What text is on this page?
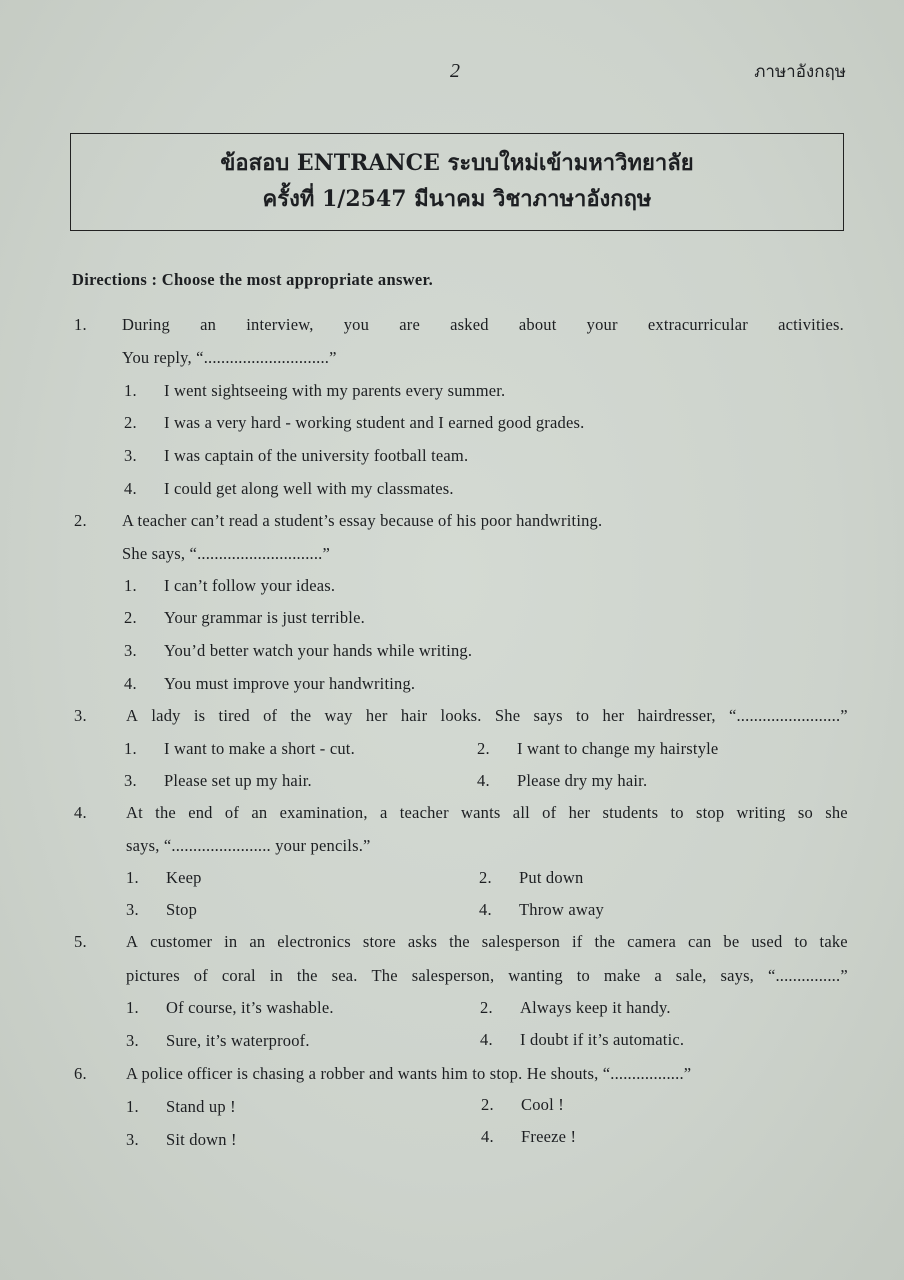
2	ภาษาอังกฤษ
ข้อสอบ ENTRANCE ระบบใหม่เข้ามหาวิทยาลัย
ครั้งที่ 1/2547 มีนาคม วิชาภาษาอังกฤษ
Directions : Choose the most appropriate answer.
1. During an interview, you are asked about your extracurricular activities.
You reply, “.............................”
1. I went sightseeing with my parents every summer.
2. I was a very hard - working student and I earned good grades.
3. I was captain of the university football team.
4. I could get along well with my classmates.
2. A teacher can’t read a student’s essay because of his poor handwriting.
She says, “.............................”
1. I can’t follow your ideas.
2. Your grammar is just terrible.
3. You’d better watch your hands while writing.
4. You must improve your handwriting.
3. A lady is tired of the way her hair looks. She says to her hairdresser, “........................”
1. I want to make a short - cut.	2. I want to change my hairstyle
3. Please set up my hair.	4. Please dry my hair.
4. At the end of an examination, a teacher wants all of her students to stop writing so she
says, “....................... your pencils.”
1. Keep	2. Put down
3. Stop	4. Throw away
5. A customer in an electronics store asks the salesperson if the camera can be used to take
pictures of coral in the sea. The salesperson, wanting to make a sale, says, “...............”
1. Of course, it’s washable.	2. Always keep it handy.
3. Sure, it’s waterproof.	4. I doubt if it’s automatic.
6. A police officer is chasing a robber and wants him to stop. He shouts, “.................”
1. Stand up !	2. Cool !
3. Sit down !	4. Freeze !
